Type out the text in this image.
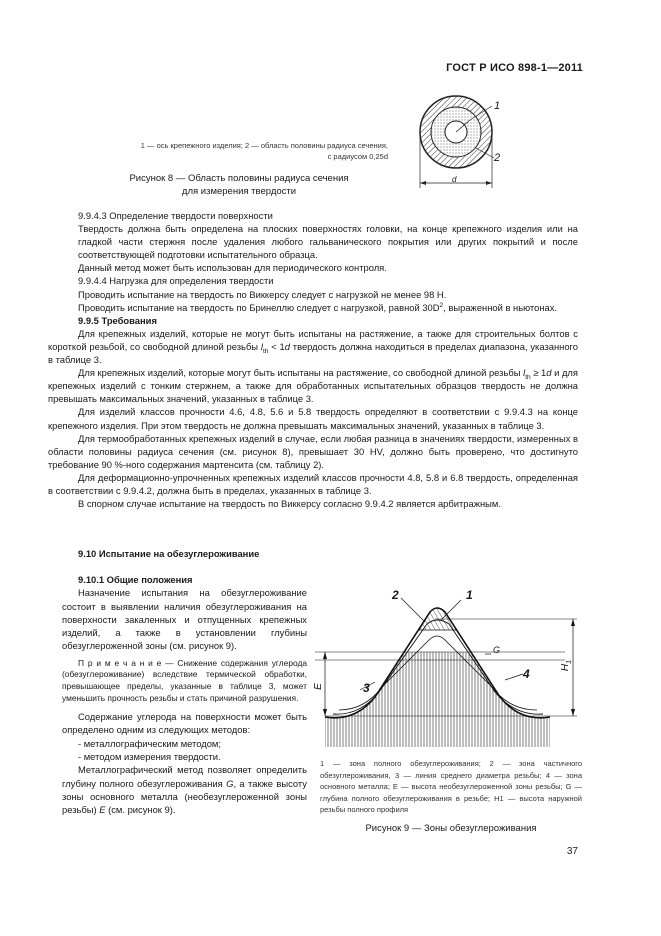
ГОСТ Р ИСО 898-1—2011
1
2
d
1 — ось крепежного изделия; 2 — область половины радиуса сечения,
с радиусом 0,25d
Рисунок 8 — Область половины радиуса сечения
для измерения твердости

9.9.4.3 Определение твердости поверхности

Твердость должна быть определена на плоских поверхностях головки, на конце крепежного изделия или на гладкой части стержня после удаления любого гальванического покрытия или других покрытий и после соответствующей подготовки испытательного образца.

Данный метод может быть использован для периодического контроля.

9.9.4.4 Нагрузка для определения твердости

Проводить испытание на твердость по Виккерсу следует с нагрузкой не менее 98 Н.

Проводить испытание на твердость по Бринеллю следует с нагрузкой, равной $30D^2$, выраженной в ньютонах.

9.9.5 Требования

Для крепежных изделий, которые не могут быть испытаны на растяжение, а также для строительных болтов с короткой резьбой, со свободной длиной резьбы $l_{th} < 1d$ твердость должна находиться в пределах диапазона, указанного в таблице 3.

Для крепежных изделий, которые могут быть испытаны на растяжение, со свободной длиной резьбы $l_{th} \ge 1d$ и для крепежных изделий с тонким стержнем, а также для обработанных испытательных образцов твердость не должна превышать максимальных значений, указанных в таблице 3.

Для изделий классов прочности 4.6, 4.8, 5.6 и 5.8 твердость определяют в соответствии с 9.9.4.3 на конце крепежного изделия. При этом твердость не должна превышать максимальных значений, указанных в таблице 3.

Для термообработанных крепежных изделий в случае, если любая разница в значениях твердости, измеренных в области половины радиуса сечения (см. рисунок 8), превышает 30 HV, должно быть проверено, что достигнуто требование 90 %-ного содержания мартенсита (см. таблицу 2).

Для деформационно-упрочненных крепежных изделий классов прочности 4.8, 5.8 и 6.8 твердость, определенная в соответствии с 9.9.4.2, должна быть в пределах, указанных в таблице 3.

В спорном случае испытание на твердость по Виккерсу согласно 9.9.4.2 является арбитражным.

9.10 Испытание на обезуглероживание

9.10.1 Общие положения

Назначение испытания на обезуглероживание состоит в выявлении наличия обезуглероживания на поверхности закаленных и отпущенных крепежных изделий, а также в установлении глубины обезуглероженной зоны (см. рисунок 9).

П р и м е ч а н и е — Снижение содержания углерода (обезуглероживание) вследствие термической обработки, превышающее пределы, указанные в таблице 3, может уменьшить прочность резьбы и стать причиной разрушения.

Содержание углерода на поверхности может быть определено одним из следующих методов:

- металлографическим методом;

- методом измерения твердости.

Металлографический метод позволяет определить глубину полного обезуглероживания G, а также высоту зоны основного металла (необезуглероженной зоны резьбы) E (см. рисунок 9).

2	1
G
3
4
E
$H_1$
1 — зона полного обезуглероживания; 2 — зона частичного обезуглероживания, 3 — линия среднего диаметра резьбы; 4 — зона основного металла; E — высота необезуглероженной зоны резьбы; G — глубина полного обезуглероживания в резьбе; H1 — высота наружной резьбы полного профиля
Рисунок 9 — Зоны обезуглероживания
37
